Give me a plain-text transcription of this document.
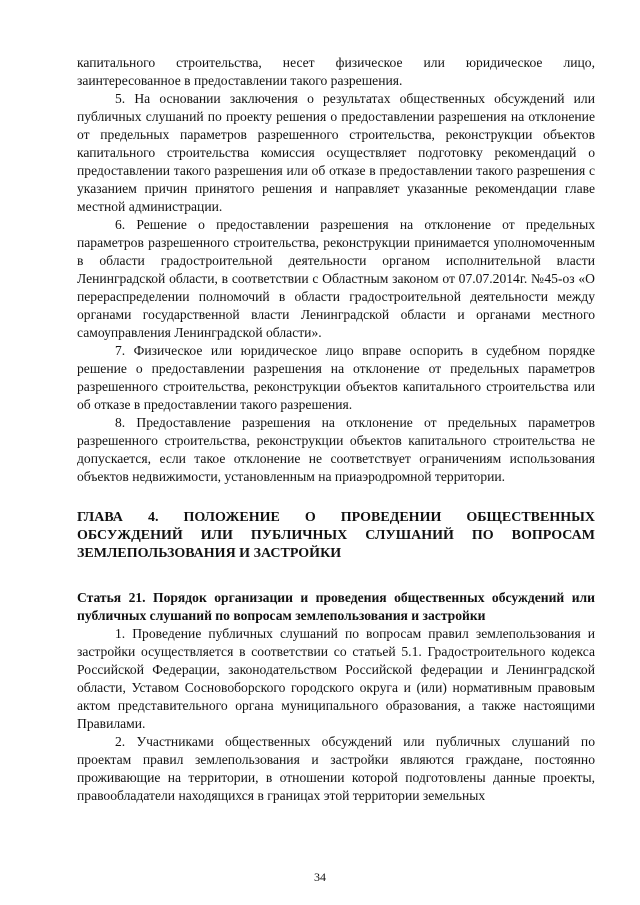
капитального строительства, несет физическое или юридическое лицо, заинтересованное в предоставлении такого разрешения.

5. На основании заключения о результатах общественных обсуждений или публичных слушаний по проекту решения о предоставлении разрешения на отклонение от предельных параметров разрешенного строительства, реконструкции объектов капитального строительства комиссия осуществляет подготовку рекомендаций о предоставлении такого разрешения или об отказе в предоставлении такого разрешения с указанием причин принятого решения и направляет указанные рекомендации главе местной администрации.

6. Решение о предоставлении разрешения на отклонение от предельных параметров разрешенного строительства, реконструкции принимается уполномоченным в области градостроительной деятельности органом исполнительной власти Ленинградской области, в соответствии с Областным законом от 07.07.2014г. №45-оз «О перераспределении полномочий в области градостроительной деятельности между органами государственной власти Ленинградской области и органами местного самоуправления Ленинградской области».

7. Физическое или юридическое лицо вправе оспорить в судебном порядке решение о предоставлении разрешения на отклонение от предельных параметров разрешенного строительства, реконструкции объектов капитального строительства или об отказе в предоставлении такого разрешения.

8. Предоставление разрешения на отклонение от предельных параметров разрешенного строительства, реконструкции объектов капитального строительства не допускается, если такое отклонение не соответствует ограничениям использования объектов недвижимости, установленным на приаэродромной территории.

ГЛАВА 4. ПОЛОЖЕНИЕ О ПРОВЕДЕНИИ ОБЩЕСТВЕННЫХ ОБСУЖДЕНИЙ ИЛИ ПУБЛИЧНЫХ СЛУШАНИЙ ПО ВОПРОСАМ ЗЕМЛЕПОЛЬЗОВАНИЯ И ЗАСТРОЙКИ
Статья 21. Порядок организации и проведения общественных обсуждений или публичных слушаний по вопросам землепользования и застройки

1. Проведение публичных слушаний по вопросам правил землепользования и застройки осуществляется в соответствии со статьей 5.1. Градостроительного кодекса Российской Федерации, законодательством Российской федерации и Ленинградской области, Уставом Сосновоборского городского округа и (или) нормативным правовым актом представительного органа муниципального образования, а также настоящими Правилами.

2. Участниками общественных обсуждений или публичных слушаний по проектам правил землепользования и застройки являются граждане, постоянно проживающие на территории, в отношении которой подготовлены данные проекты, правообладатели находящихся в границах этой территории земельных

34
